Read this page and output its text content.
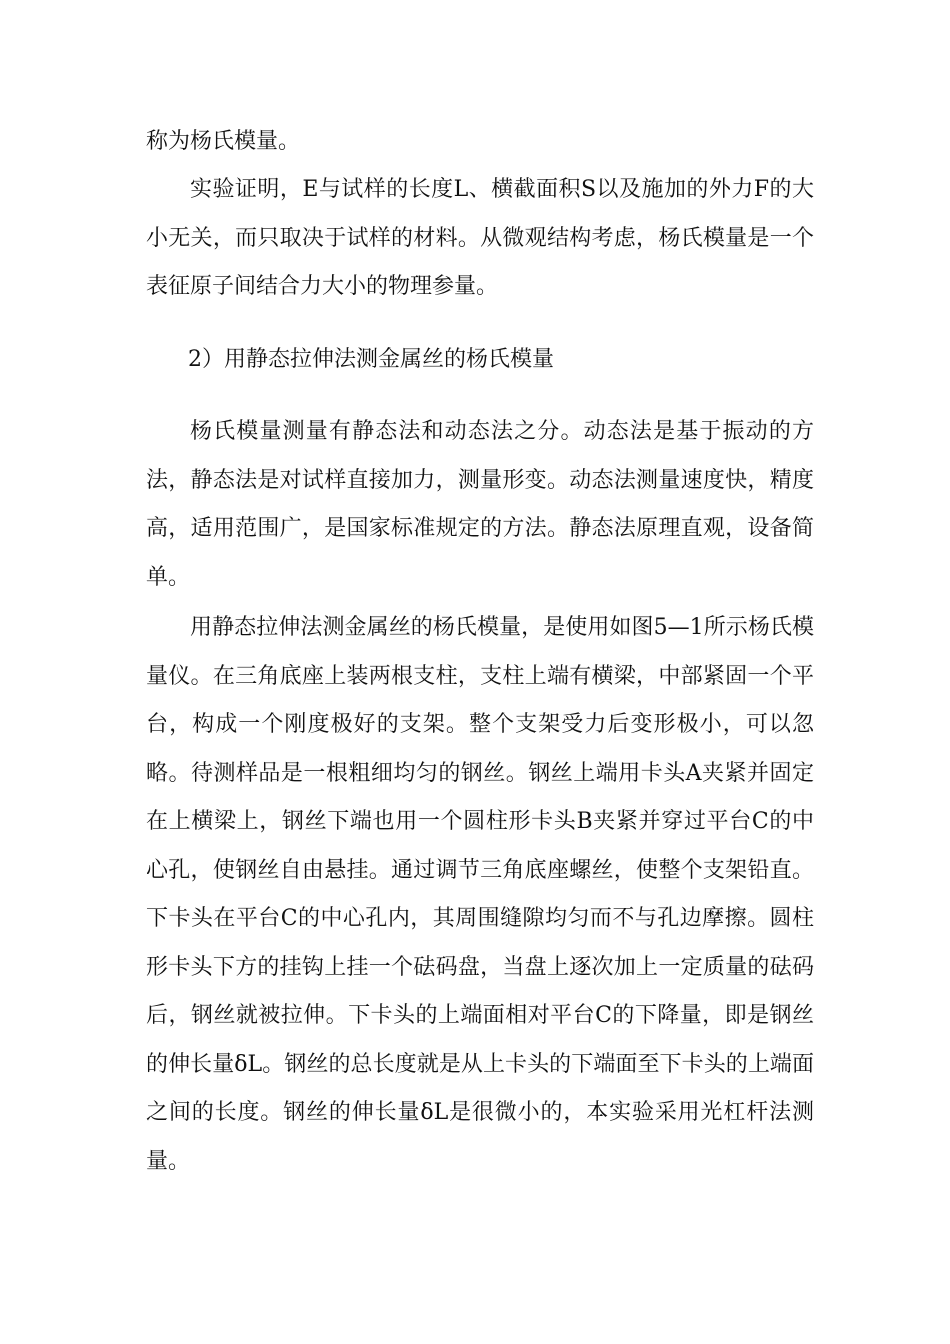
称为杨氏模量。

实验证明，E与试样的长度L、横截面积S以及施加的外力F的大小无关，而只取决于试样的材料。从微观结构考虑，杨氏模量是一个表征原子间结合力大小的物理参量。

2）用静态拉伸法测金属丝的杨氏模量

杨氏模量测量有静态法和动态法之分。动态法是基于振动的方法，静态法是对试样直接加力，测量形变。动态法测量速度快，精度高，适用范围广，是国家标准规定的方法。静态法原理直观，设备简单。

用静态拉伸法测金属丝的杨氏模量，是使用如图5—1所示杨氏模量仪。在三角底座上装两根支柱，支柱上端有横梁，中部紧固一个平台，构成一个刚度极好的支架。整个支架受力后变形极小，可以忽略。待测样品是一根粗细均匀的钢丝。钢丝上端用卡头A夹紧并固定在上横梁上，钢丝下端也用一个圆柱形卡头B夹紧并穿过平台C的中心孔，使钢丝自由悬挂。通过调节三角底座螺丝，使整个支架铅直。下卡头在平台C的中心孔内，其周围缝隙均匀而不与孔边摩擦。圆柱形卡头下方的挂钩上挂一个砝码盘，当盘上逐次加上一定质量的砝码后，钢丝就被拉伸。下卡头的上端面相对平台C的下降量，即是钢丝的伸长量δL。钢丝的总长度就是从上卡头的下端面至下卡头的上端面之间的长度。钢丝的伸长量δL是很微小的，本实验采用光杠杆法测量。
